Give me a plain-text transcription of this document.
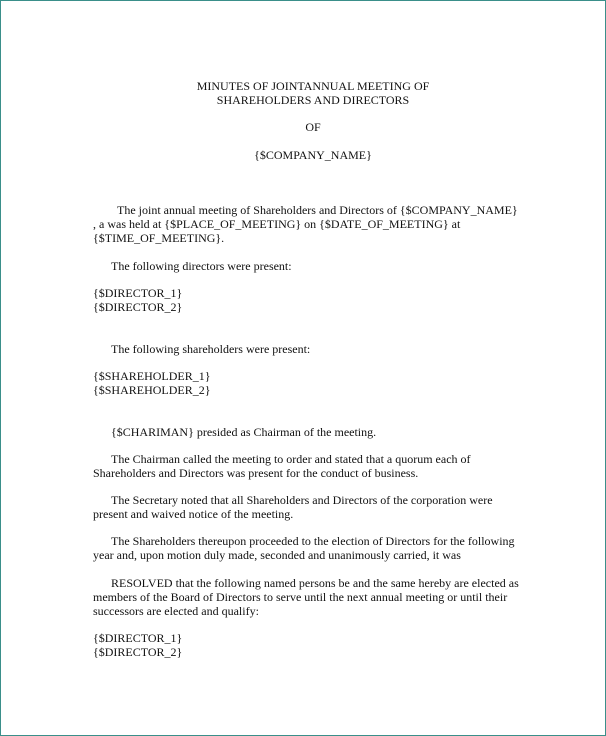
MINUTES OF JOINTANNUAL MEETING OF
SHAREHOLDERS AND DIRECTORS
OF
{$COMPANY_NAME}
The joint annual meeting of Shareholders and Directors of {$COMPANY_NAME}
, a was held at {$PLACE_OF_MEETING} on {$DATE_OF_MEETING} at
{$TIME_OF_MEETING}.
The following directors were present:
{$DIRECTOR_1}
{$DIRECTOR_2}
The following shareholders were present:
{$SHAREHOLDER_1}
{$SHAREHOLDER_2}
{$CHARIMAN} presided as Chairman of the meeting.
The Chairman called the meeting to order and stated that a quorum each of
Shareholders and Directors was present for the conduct of business.
The Secretary noted that all Shareholders and Directors of the corporation were
present and waived notice of the meeting.
The Shareholders thereupon proceeded to the election of Directors for the following
year and, upon motion duly made, seconded and unanimously carried, it was
RESOLVED that the following named persons be and the same hereby are elected as
members of the Board of Directors to serve until the next annual meeting or until their
successors are elected and qualify:
{$DIRECTOR_1}
{$DIRECTOR_2}
